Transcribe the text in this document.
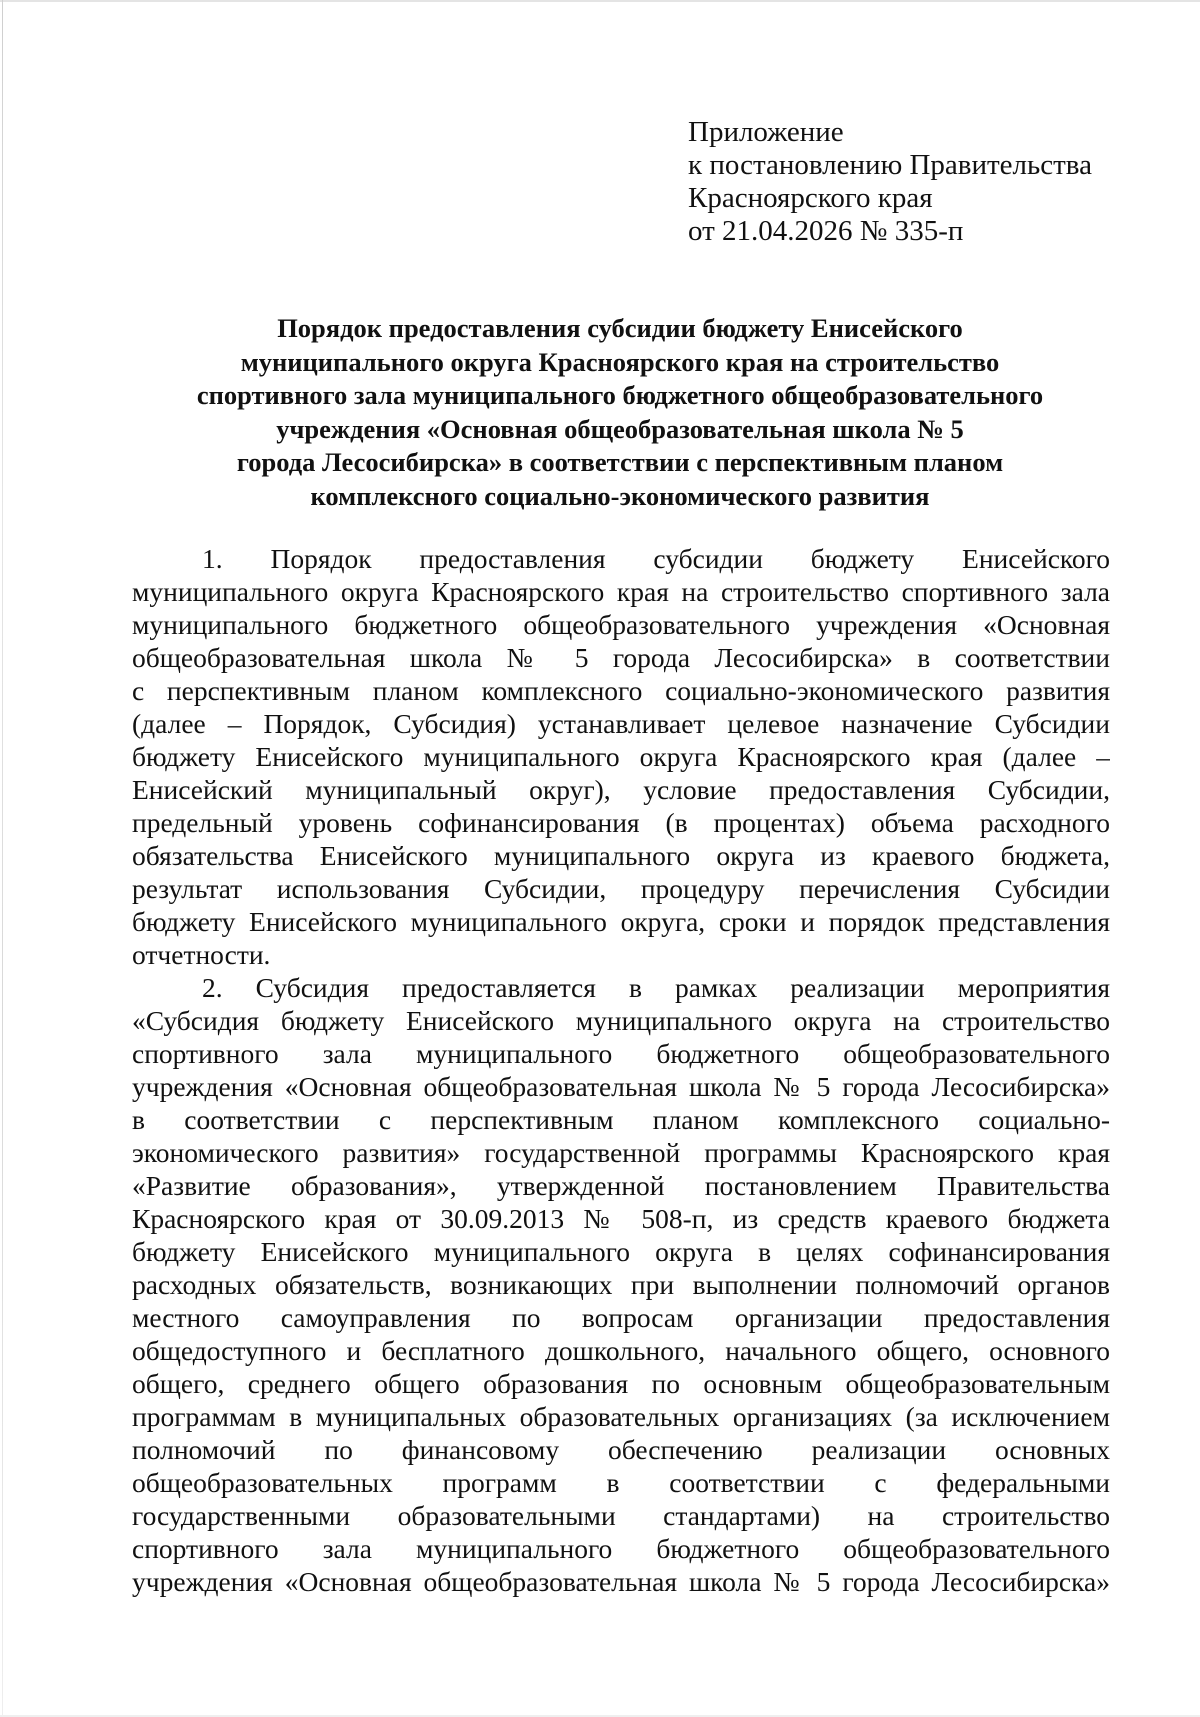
Приложение
к постановлению Правительства
Красноярского края
от 21.04.2026 № 335-п
Порядок предоставления субсидии бюджету Енисейского
муниципального округа Красноярского края на строительство
спортивного зала муниципального бюджетного общеобразовательного
учреждения «Основная общеобразовательная школа № 5
города Лесосибирска» в соответствии с перспективным планом
комплексного социально-экономического развития
1. Порядок предоставления субсидии бюджету Енисейского
муниципального округа Красноярского края на строительство спортивного зала
муниципального бюджетного общеобразовательного учреждения «Основная
общеобразовательная школа № 5 города Лесосибирска» в соответствии
с перспективным планом комплексного социально-экономического развития
(далее – Порядок, Субсидия) устанавливает целевое назначение Субсидии
бюджету Енисейского муниципального округа Красноярского края (далее –
Енисейский муниципальный округ), условие предоставления Субсидии,
предельный уровень софинансирования (в процентах) объема расходного
обязательства Енисейского муниципального округа из краевого бюджета,
результат использования Субсидии, процедуру перечисления Субсидии
бюджету Енисейского муниципального округа, сроки и порядок представления
отчетности.
2. Субсидия предоставляется в рамках реализации мероприятия
«Субсидия бюджету Енисейского муниципального округа на строительство
спортивного зала муниципального бюджетного общеобразовательного
учреждения «Основная общеобразовательная школа № 5 города Лесосибирска»
в соответствии с перспективным планом комплексного социально-
экономического развития» государственной программы Красноярского края
«Развитие образования», утвержденной постановлением Правительства
Красноярского края от 30.09.2013 № 508-п, из средств краевого бюджета
бюджету Енисейского муниципального округа в целях софинансирования
расходных обязательств, возникающих при выполнении полномочий органов
местного самоуправления по вопросам организации предоставления
общедоступного и бесплатного дошкольного, начального общего, основного
общего, среднего общего образования по основным общеобразовательным
программам в муниципальных образовательных организациях (за исключением
полномочий по финансовому обеспечению реализации основных
общеобразовательных программ в соответствии с федеральными
государственными образовательными стандартами) на строительство
спортивного зала муниципального бюджетного общеобразовательного
учреждения «Основная общеобразовательная школа № 5 города Лесосибирска»
